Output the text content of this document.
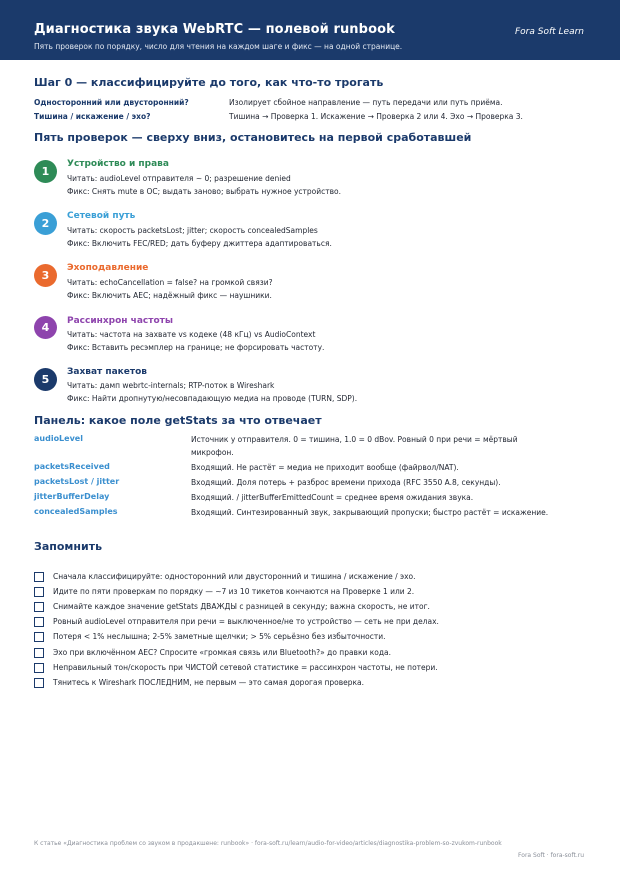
Диагностика звука WebRTC — полевой runbook	Fora Soft Learn
Пять проверок по порядку, число для чтения на каждом шаге и фикс — на одной странице.
Шаг 0 — классифицируйте до того, как что-то трогать
Односторонний или двусторонний?	Изолирует сбойное направление — путь передачи или путь приёма.
Тишина / искажение / эхо?	Тишина → Проверка 1. Искажение → Проверка 2 или 4. Эхо → Проверка 3.
Пять проверок — сверху вниз, остановитесь на первой сработавшей
1
Устройство и права
Читать: audioLevel отправителя ~ 0; разрешение denied
Фикс: Снять mute в ОС; выдать заново; выбрать нужное устройство.
2
Сетевой путь
Читать: скорость packetsLost; jitter; скорость concealedSamples
Фикс: Включить FEC/RED; дать буферу джиттера адаптироваться.
3
Эхоподавление
Читать: echoCancellation = false? на громкой связи?
Фикс: Включить AEC; надёжный фикс — наушники.
4	Рассинхрон частоты
Читать: частота на захвате vs кодеке (48 кГц) vs AudioContext
Фикс: Вставить ресэмплер на границе; не форсировать частоту.
5
Захват пакетов
Читать: дамп webrtc-internals; RTP-поток в Wireshark
Фикс: Найти дропнутую/несовпадающую медиа на проводе (TURN, SDP).
Панель: какое поле getStats за что отвечает
audioLevel	Источник у отправителя. 0 = тишина, 1.0 = 0 dBov. Ровный 0 при речи = мёртвый микрофон.
packetsReceived	Входящий. Не растёт = медиа не приходит вообще (файрвол/NAT).
packetsLost / jitter	Входящий. Доля потерь + разброс времени прихода (RFC 3550 A.8, секунды).
jitterBufferDelay	Входящий. / jitterBufferEmittedCount = среднее время ожидания звука.
concealedSamples	Входящий. Синтезированный звук, закрывающий пропуски; быстро растёт = искажение.
Запомнить
Сначала классифицируйте: односторонний или двусторонний и тишина / искажение / эхо.
Идите по пяти проверкам по порядку — ~7 из 10 тикетов кончаются на Проверке 1 или 2.
Снимайте каждое значение getStats ДВАЖДЫ с разницей в секунду; важна скорость, не итог.
Ровный audioLevel отправителя при речи = выключенное/не то устройство — сеть не при делах.
Потеря < 1% неслышна; 2-5% заметные щелчки; > 5% серьёзно без избыточности.
Эхо при включённом AEC? Спросите «громкая связь или Bluetooth?» до правки кода.
Неправильный тон/скорость при ЧИСТОЙ сетевой статистике = рассинхрон частоты, не потери.
Тянитесь к Wireshark ПОСЛЕДНИМ, не первым — это самая дорогая проверка.
К статье «Диагностика проблем со звуком в продакшене: runbook» · fora-soft.ru/learn/audio-for-video/articles/diagnostika-problem-so-zvukom-runbook
Fora Soft · fora-soft.ru
